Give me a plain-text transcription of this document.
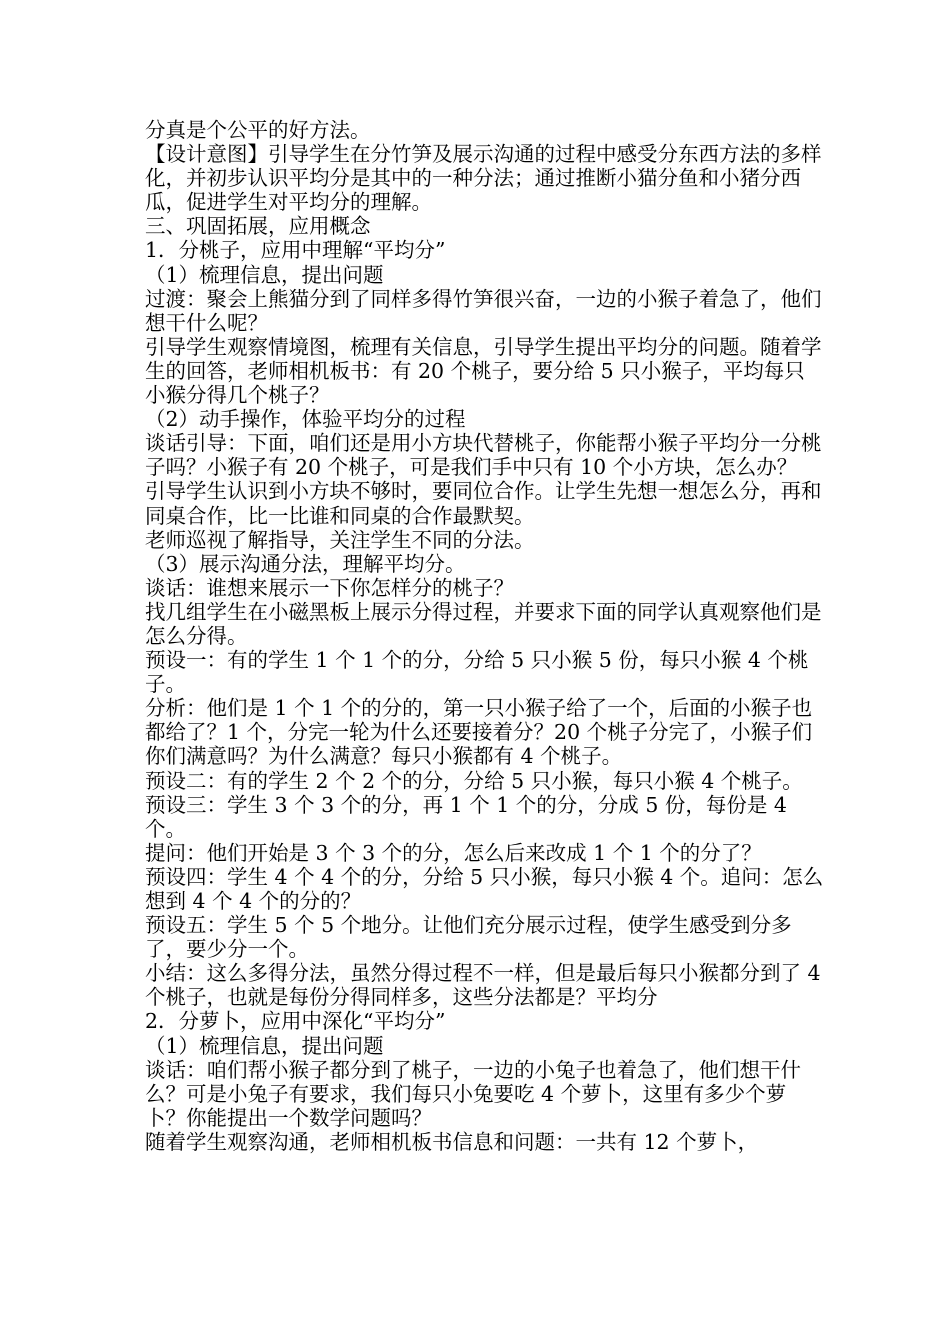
分真是个公平的好方法。

【设计意图】引导学生在分竹笋及展示沟通的过程中感受分东西方法的多样化，并初步认识平均分是其中的一种分法；通过推断小猫分鱼和小猪分西瓜，促进学生对平均分的理解。

三、巩固拓展，应用概念

1．分桃子，应用中理解“平均分”

（1）梳理信息，提出问题

过渡：聚会上熊猫分到了同样多得竹笋很兴奋，一边的小猴子着急了，他们想干什么呢？

引导学生观察情境图，梳理有关信息，引导学生提出平均分的问题。随着学生的回答，老师相机板书：有 20 个桃子，要分给 5 只小猴子，平均每只小猴分得几个桃子？

（2）动手操作，体验平均分的过程

谈话引导：下面，咱们还是用小方块代替桃子，你能帮小猴子平均分一分桃子吗？小猴子有 20 个桃子，可是我们手中只有 10 个小方块，怎么办？

引导学生认识到小方块不够时，要同位合作。让学生先想一想怎么分，再和同桌合作，比一比谁和同桌的合作最默契。

老师巡视了解指导，关注学生不同的分法。

（3）展示沟通分法，理解平均分。

谈话：谁想来展示一下你怎样分的桃子？

找几组学生在小磁黑板上展示分得过程，并要求下面的同学认真观察他们是怎么分得。

预设一：有的学生 1 个 1 个的分，分给 5 只小猴 5 份，每只小猴 4 个桃子。

分析：他们是 1 个 1 个的分的，第一只小猴子给了一个，后面的小猴子也都给了？1 个，分完一轮为什么还要接着分？20 个桃子分完了，小猴子们你们满意吗？为什么满意？每只小猴都有 4 个桃子。

预设二：有的学生 2 个 2 个的分，分给 5 只小猴，每只小猴 4 个桃子。

预设三：学生 3 个 3 个的分，再 1 个 1 个的分，分成 5 份，每份是 4 个。

提问：他们开始是 3 个 3 个的分，怎么后来改成 1 个 1 个的分了？

预设四：学生 4 个 4 个的分，分给 5 只小猴，每只小猴 4 个。追问：怎么想到 4 个 4 个的分的？

预设五：学生 5 个 5 个地分。让他们充分展示过程，使学生感受到分多了，要少分一个。

小结：这么多得分法，虽然分得过程不一样，但是最后每只小猴都分到了 4 个桃子，也就是每份分得同样多，这些分法都是？平均分

2．分萝卜，应用中深化“平均分”

（1）梳理信息，提出问题

谈话：咱们帮小猴子都分到了桃子，一边的小兔子也着急了，他们想干什么？可是小兔子有要求，我们每只小兔要吃 4 个萝卜，这里有多少个萝卜？你能提出一个数学问题吗？

随着学生观察沟通，老师相机板书信息和问题：一共有 12 个萝卜，
